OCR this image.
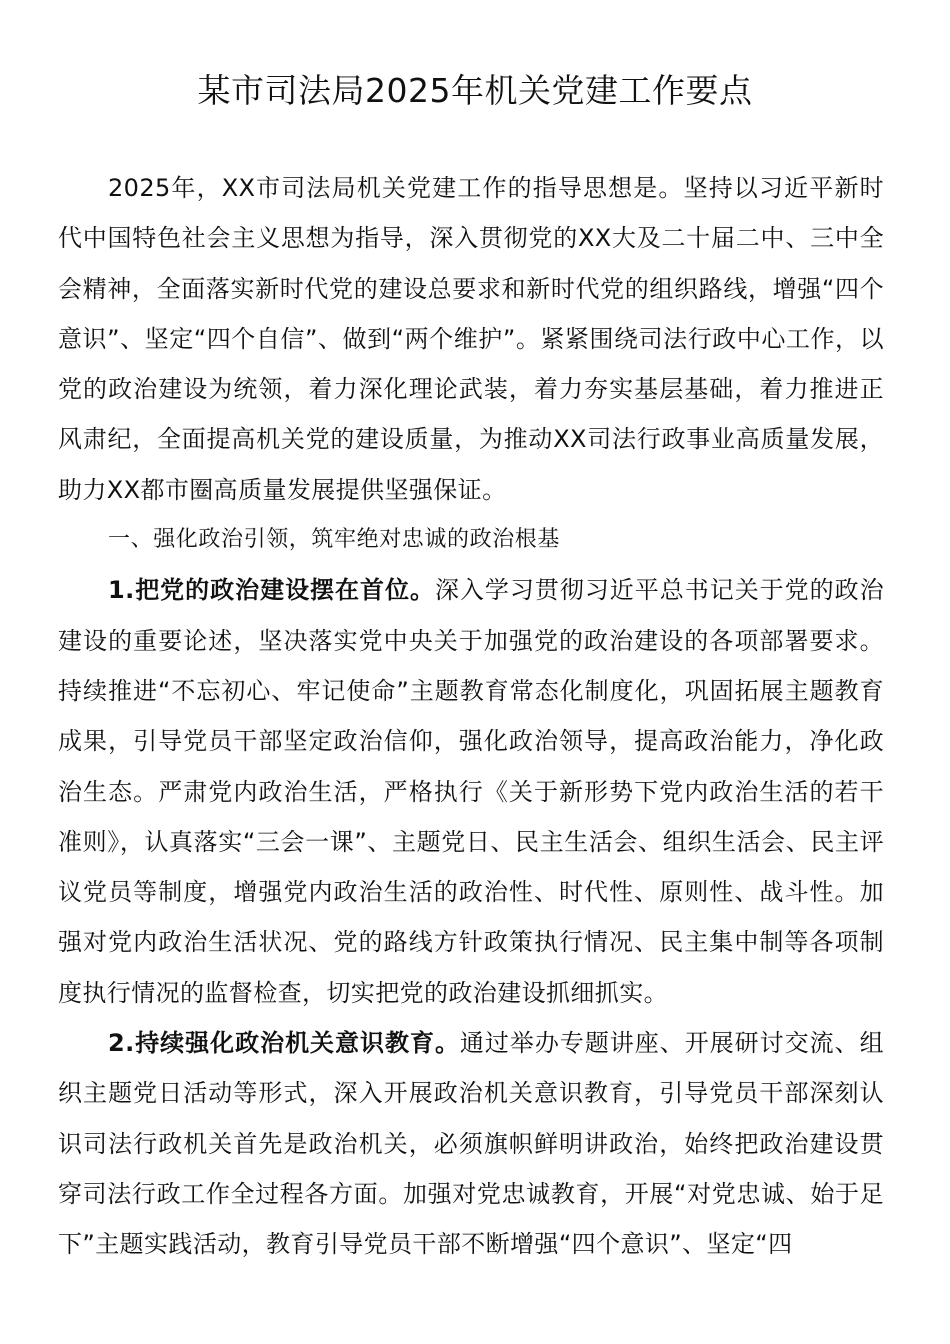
某市司法局2025年机关党建工作要点

2025年，XX市司法局机关党建工作的指导思想是。坚持以习近平新时代中国特色社会主义思想为指导，深入贯彻党的XX大及二十届二中、三中全会精神，全面落实新时代党的建设总要求和新时代党的组织路线，增强“四个意识”、坚定“四个自信”、做到“两个维护”。紧紧围绕司法行政中心工作，以党的政治建设为统领，着力深化理论武装，着力夯实基层基础，着力推进正风肃纪，全面提高机关党的建设质量，为推动XX司法行政事业高质量发展，助力XX都市圈高质量发展提供坚强保证。

一、强化政治引领，筑牢绝对忠诚的政治根基

1.把党的政治建设摆在首位。深入学习贯彻习近平总书记关于党的政治建设的重要论述，坚决落实党中央关于加强党的政治建设的各项部署要求。持续推进“不忘初心、牢记使命”主题教育常态化制度化，巩固拓展主题教育成果，引导党员干部坚定政治信仰，强化政治领导，提高政治能力，净化政治生态。严肃党内政治生活，严格执行《关于新形势下党内政治生活的若干准则》，认真落实“三会一课”、主题党日、民主生活会、组织生活会、民主评议党员等制度，增强党内政治生活的政治性、时代性、原则性、战斗性。加强对党内政治生活状况、党的路线方针政策执行情况、民主集中制等各项制度执行情况的监督检查，切实把党的政治建设抓细抓实。

2.持续强化政治机关意识教育。通过举办专题讲座、开展研讨交流、组织主题党日活动等形式，深入开展政治机关意识教育，引导党员干部深刻认识司法行政机关首先是政治机关，必须旗帜鲜明讲政治，始终把政治建设贯穿司法行政工作全过程各方面。加强对党忠诚教育，开展“对党忠诚、始于足下”主题实践活动，教育引导党员干部不断增强“四个意识”、坚定“四
